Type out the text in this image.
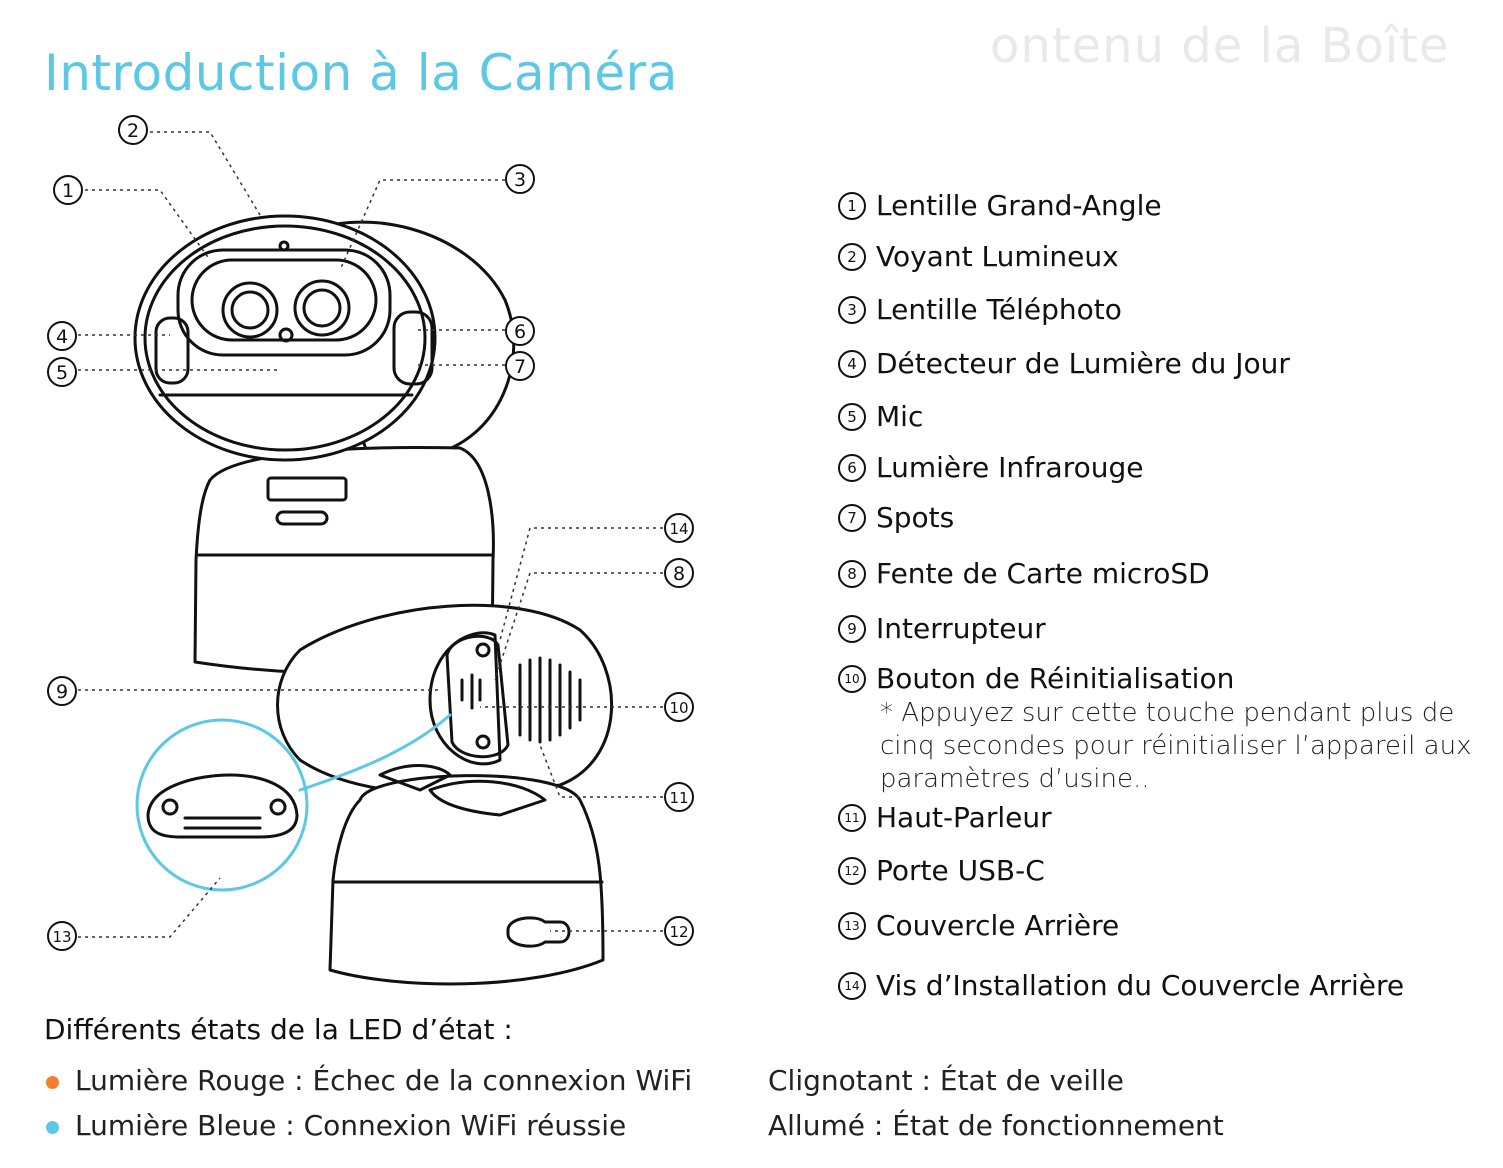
ontenu de la Boîte
Introduction à la Caméra
2
1	3
4
5
6
7
14
8
9
10
11
12
13
1 Lentille Grand-Angle
2 Voyant Lumineux
3 Lentille Téléphoto
4 Détecteur de Lumière du Jour
5 Mic
6 Lumière Infrarouge
7 Spots
8 Fente de Carte microSD
9 Interrupteur
10 Bouton de Réinitialisation
* Appuyez sur cette touche pendant plus de cinq secondes pour réinitialiser l’appareil aux paramètres d’usine..
11 Haut-Parleur
12 Porte USB-C
13 Couvercle Arrière
14 Vis d’Installation du Couvercle Arrière
Différents états de la LED d’état :
Lumière Rouge : Échec de la connexion WiFi	Clignotant : État de veille
Lumière Bleue : Connexion WiFi réussie	Allumé : État de fonctionnement
